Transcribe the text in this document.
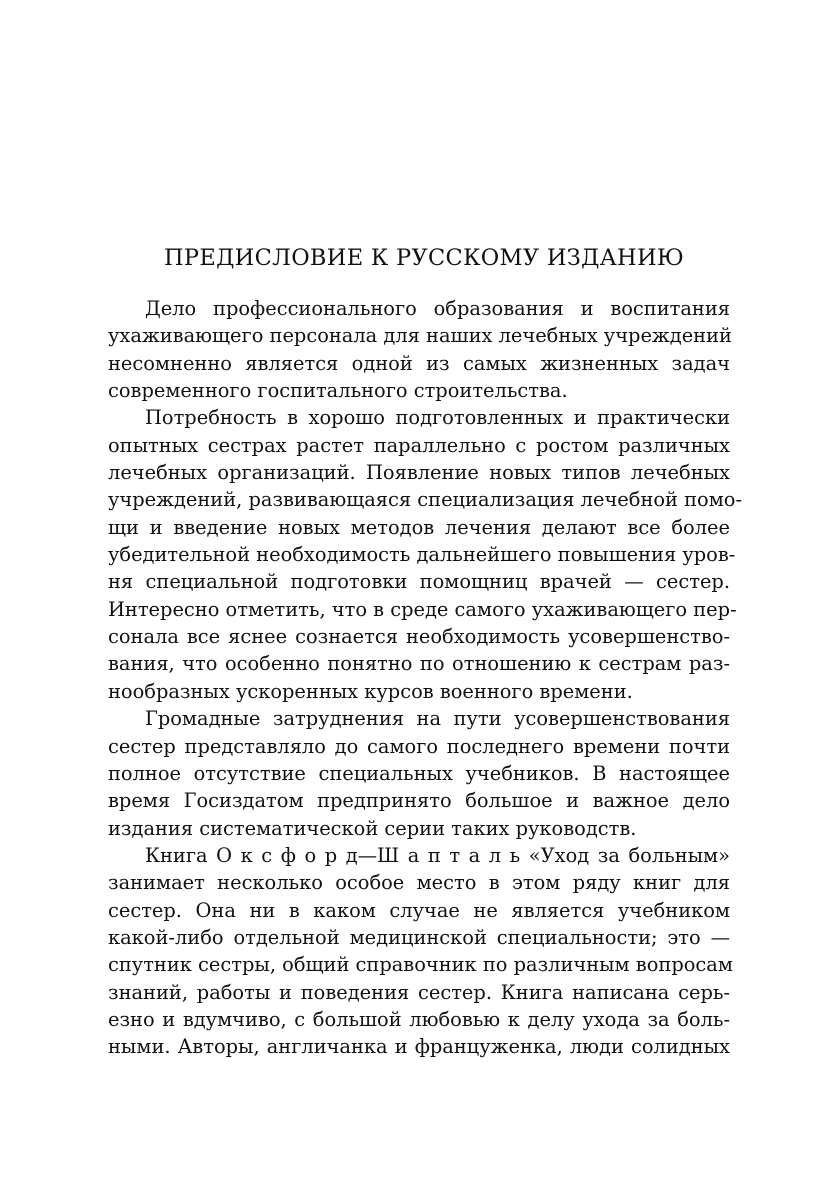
ПРЕДИСЛОВИЕ К РУССКОМУ ИЗДАНИЮ
Дело профессионального образования и воспитания
ухаживающего персонала для наших лечебных учреждений
несомненно является одной из самых жизненных задач
современного госпитального строительства.
Потребность в хорошо подготовленных и практически
опытных сестрах растет параллельно с ростом различных
лечебных организаций. Появление новых типов лечебных
учреждений, развивающаяся специализация лечебной помо-
щи и введение новых методов лечения делают все более
убедительной необходимость дальнейшего повышения уров-
ня специальной подготовки помощниц врачей — сестер.
Интересно отметить, что в среде самого ухаживающего пер-
сонала все яснее сознается необходимость усовершенство-
вания, что особенно понятно по отношению к сестрам раз-
нообразных ускоренных курсов военного времени.
Громадные затруднения на пути усовершенствования
сестер представляло до самого последнего времени почти
полное отсутствие специальных учебников. В настоящее
время Госиздатом предпринято большое и важное дело
издания систематической серии таких руководств.
Книга О к с ф о р д—Ш а п т а л ь «Уход за больным»
занимает несколько особое место в этом ряду книг для
сестер. Она ни в каком случае не является учебником
какой-либо отдельной медицинской специальности; это —
спутник сестры, общий справочник по различным вопросам
знаний, работы и поведения сестер. Книга написана серь-
езно и вдумчиво, с большой любовью к делу ухода за боль-
ными. Авторы, англичанка и француженка, люди солидных
